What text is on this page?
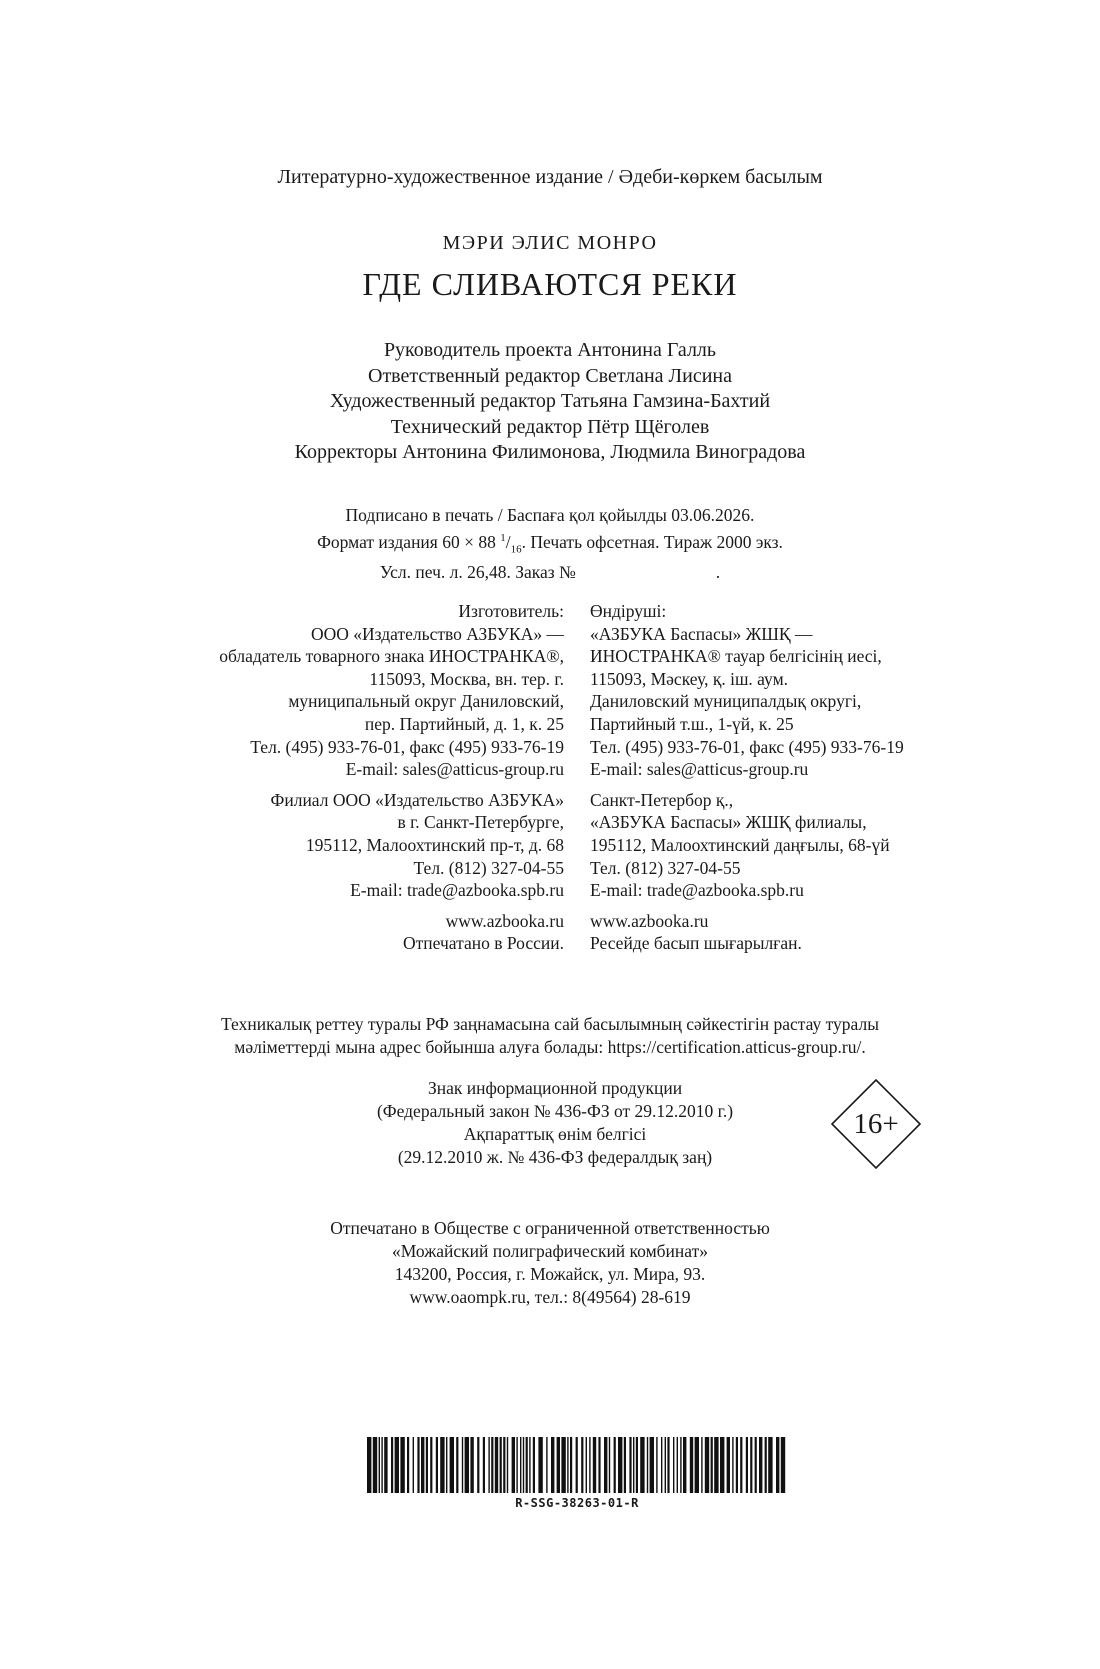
Литературно-художественное издание / Әдеби-көркем басылым
МЭРИ ЭЛИС МОНРО
ГДЕ СЛИВАЮТСЯ РЕКИ
Руководитель проекта Антонина Галль
Ответственный редактор Светлана Лисина
Художественный редактор Татьяна Гамзина-Бахтий
Технический редактор Пётр Щёголев
Корректоры Антонина Филимонова, Людмила Виноградова
Подписано в печать / Баспаға қол қойылды 03.06.2026.
Формат издания 60 × 88 $^1/_{16}$. Печать офсетная. Тираж 2000 экз.
Усл. печ. л. 26,48. Заказ №	.
Изготовитель:
ООО «Издательство АЗБУКА» —
обладатель товарного знака ИНОСТРАНКА®,
115093, Москва, вн. тер. г.
муниципальный округ Даниловский,
пер. Партийный, д. 1, к. 25
Тел. (495) 933-76-01, факс (495) 933-76-19
E-mail: sales@atticus-group.ru
Филиал ООО «Издательство АЗБУКА»
в г. Санкт-Петербурге,
195112, Малоохтинский пр-т, д. 68
Тел. (812) 327-04-55
E-mail: trade@azbooka.spb.ru
www.azbooka.ru
Отпечатано в России.
Өндіруші:
«АЗБУКА Баспасы» ЖШҚ —
ИНОСТРАНКА® тауар белгісінің иесі,
115093, Мәскеу, қ. іш. аум.
Даниловский муниципалдық округі,
Партийный т.ш., 1-үй, к. 25
Тел. (495) 933-76-01, факс (495) 933-76-19
E-mail: sales@atticus-group.ru
Санкт-Петербор қ.,
«АЗБУКА Баспасы» ЖШҚ филиалы,
195112, Малоохтинский даңғылы, 68-үй
Тел. (812) 327-04-55
E-mail: trade@azbooka.spb.ru
www.azbooka.ru
Ресейде басып шығарылған.
Техникалық реттеу туралы РФ заңнамасына сай басылымның сәйкестігін растау туралы
мәліметтерді мына адрес бойынша алуға болады: https://certification.atticus-group.ru/.
Знак информационной продукции
(Федеральный закон № 436-ФЗ от 29.12.2010 г.)
Ақпараттық өнім белгісі
(29.12.2010 ж. № 436-ФЗ федералдық заң)
16+
Отпечатано в Обществе с ограниченной ответственностью
«Можайский полиграфический комбинат»
143200, Россия, г. Можайск, ул. Мира, 93.
www.oaompk.ru, тел.: 8(49564) 28-619
R-SSG-38263-01-R
